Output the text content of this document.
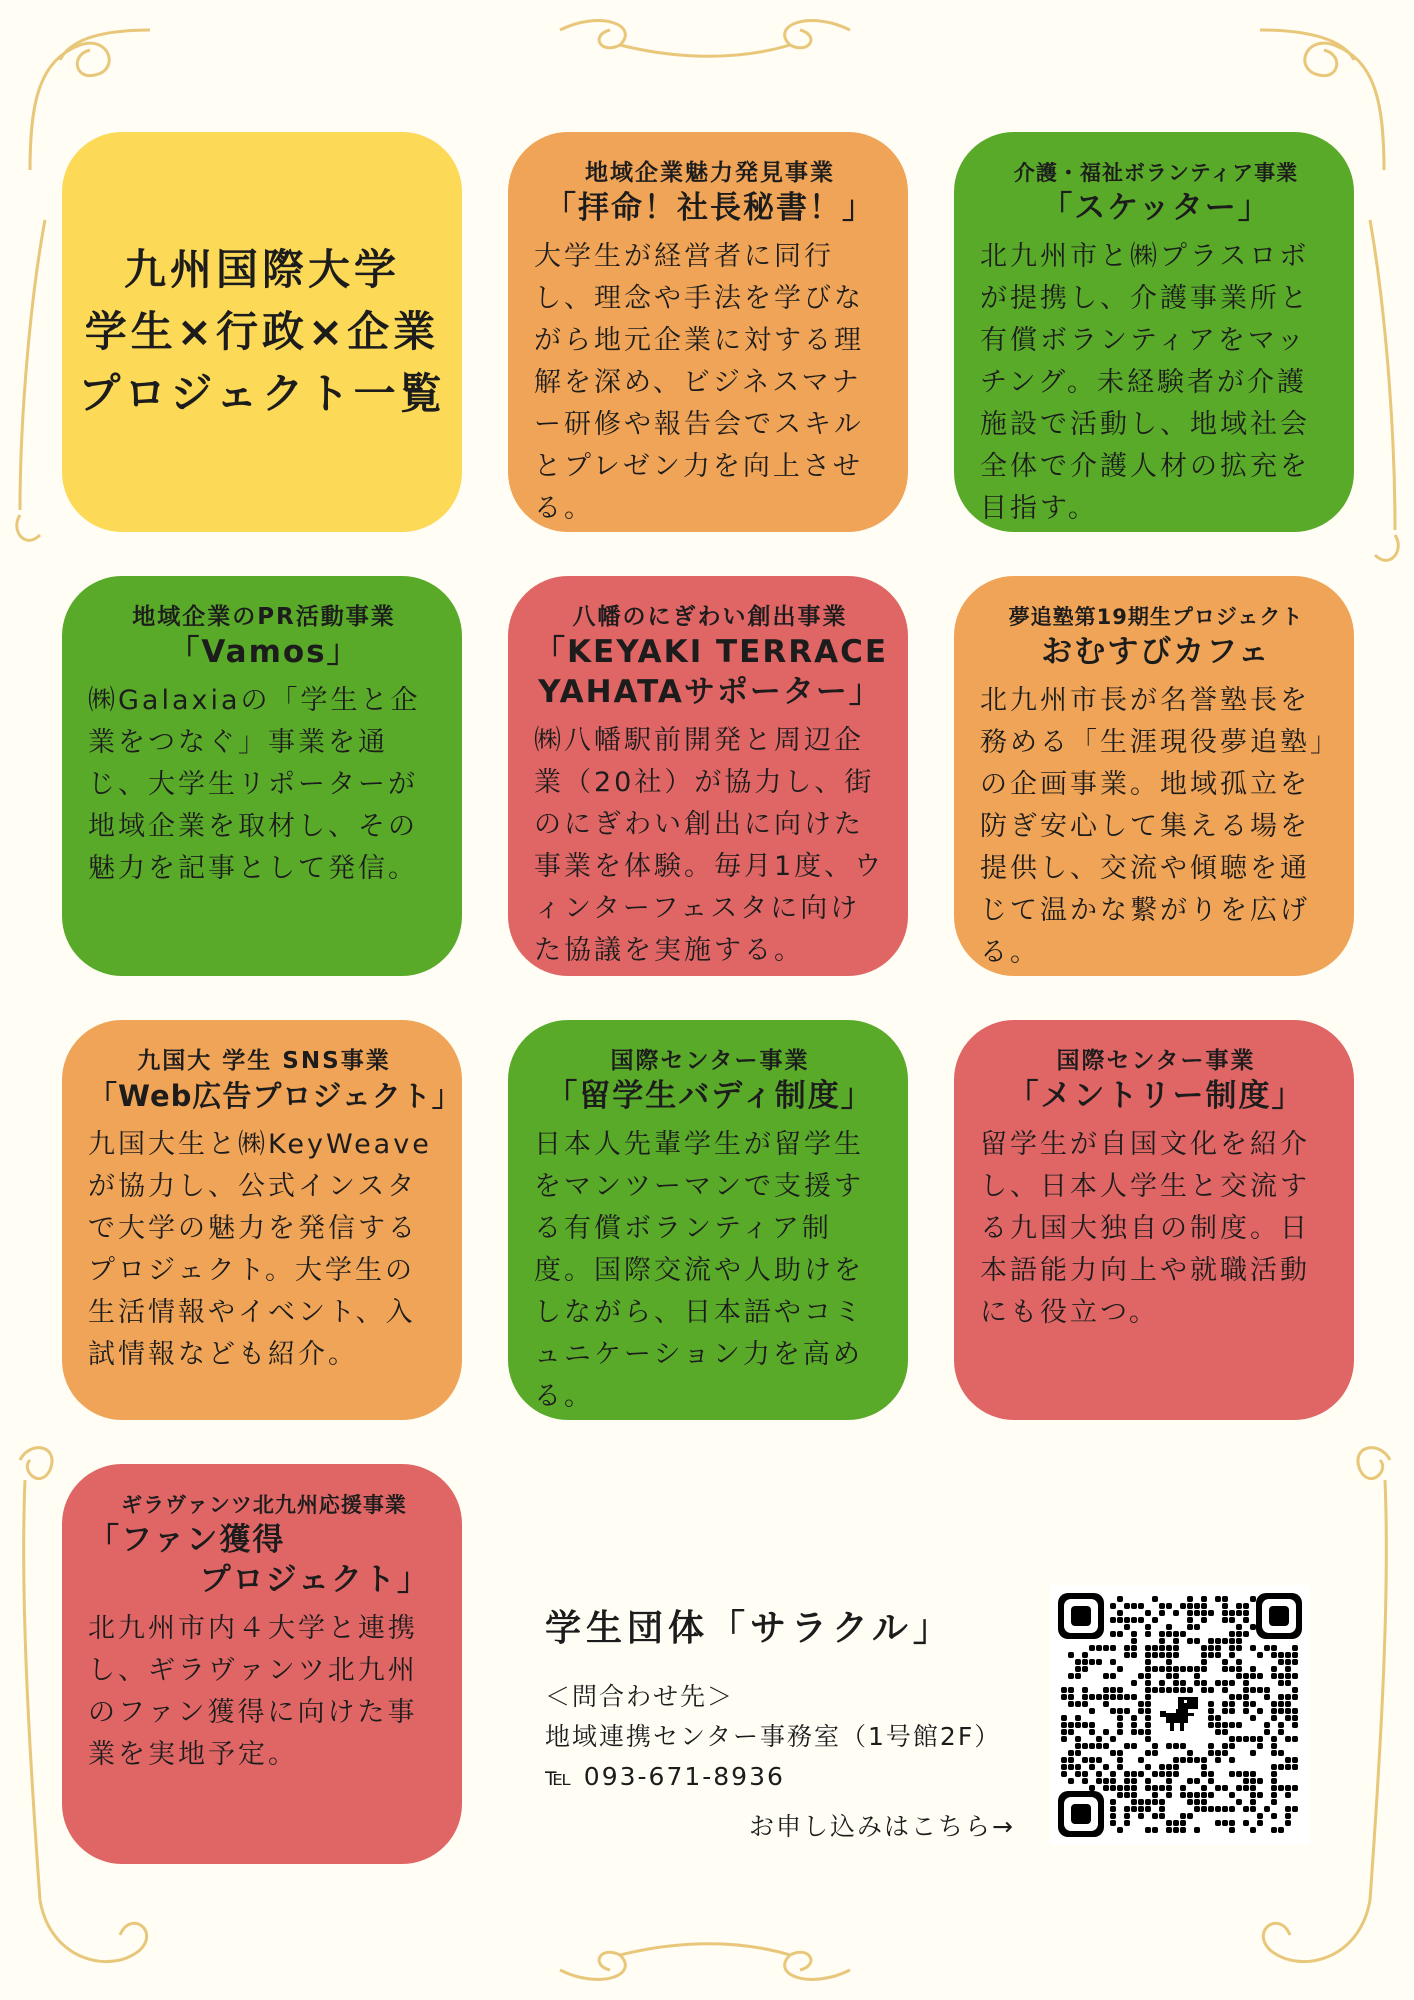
九州国際大学
学生×行政×企業
プロジェクト一覧
地域企業魅力発見事業
「拝命！社長秘書！」
大学生が経営者に同行し、理念や手法を学びながら地元企業に対する理解を深め、ビジネスマナー研修や報告会でスキルとプレゼン力を向上させる。
介護・福祉ボランティア事業
「スケッター」
北九州市と㈱プラスロボが提携し、介護事業所と有償ボランティアをマッチング。未経験者が介護施設で活動し、地域社会全体で介護人材の拡充を目指す。
地域企業のPR活動事業
「Vamos」
㈱Galaxiaの「学生と企業をつなぐ」事業を通じ、大学生リポーターが地域企業を取材し、その魅力を記事として発信。
八幡のにぎわい創出事業
「KEYAKI TERRACE
YAHATAサポーター」
㈱八幡駅前開発と周辺企業（20社）が協力し、街のにぎわい創出に向けた事業を体験。毎月1度、ウィンターフェスタに向けた協議を実施する。
夢追塾第19期生プロジェクト
おむすびカフェ
北九州市長が名誉塾長を務める「生涯現役夢追塾」の企画事業。地域孤立を防ぎ安心して集える場を提供し、交流や傾聴を通じて温かな繋がりを広げる。
九国大 学生 SNS事業
「Web広告プロジェクト」
九国大生と㈱KeyWeaveが協力し、公式インスタで大学の魅力を発信するプロジェクト。大学生の生活情報やイベント、入試情報なども紹介。
国際センター事業
「留学生バディ制度」
日本人先輩学生が留学生をマンツーマンで支援する有償ボランティア制度。国際交流や人助けをしながら、日本語やコミュニケーション力を高める。
国際センター事業
「メントリー制度」
留学生が自国文化を紹介し、日本人学生と交流する九国大独自の制度。日本語能力向上や就職活動にも役立つ。
ギラヴァンツ北九州応援事業
「ファン獲得
プロジェクト」
北九州市内４大学と連携し、ギラヴァンツ北九州のファン獲得に向けた事業を実地予定。
学生団体「サラクル」
＜問合わせ先＞
地域連携センター事務室（1号館2F）
℡ 093-671-8936
お申し込みはこちら→
